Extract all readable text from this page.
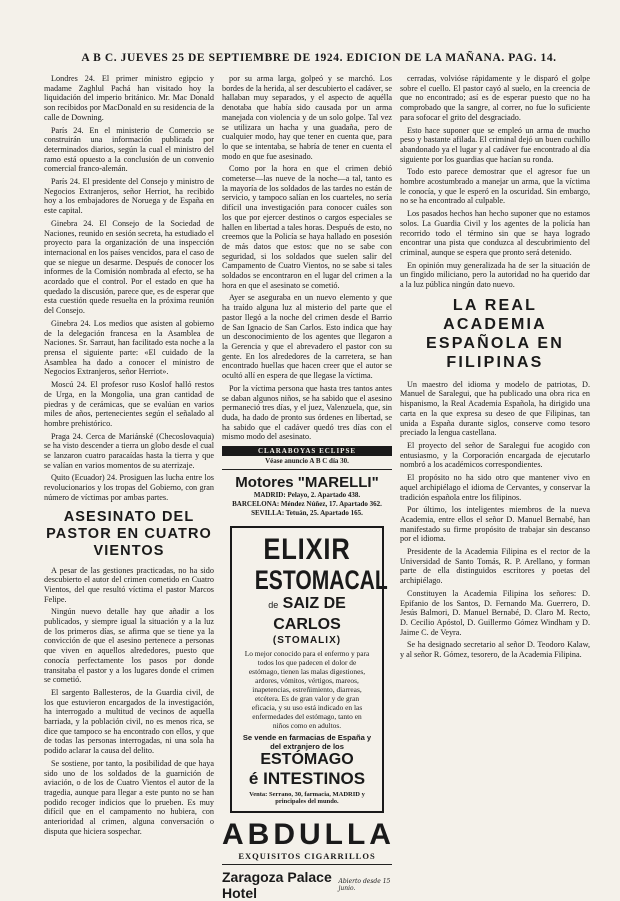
A B C. JUEVES 25 DE SEPTIEMBRE DE 1924. EDICION DE LA MAÑANA. PAG. 14.

Londres 24. El primer ministro egipcio y madame Zaghlul Pachá han visitado hoy la liquidación del imperio británico. Mr. Mac Donald son recibidos por MacDonald en su residencia de la calle de Downing.

París 24. En el ministerio de Comercio se construirán una información publicada por determinados diarios, según la cual el ministro del ramo está opuesto a la conclusión de un convenio comercial franco-alemán.

París 24. El presidente del Consejo y ministro de Negocios Extranjeros, señor Herriot, ha recibido hoy a los embajadores de Noruega y de España en este capital.

Ginebra 24. El Consejo de la Sociedad de Naciones, reunido en sesión secreta, ha estudiado el proyecto para la organización de una inspección internacional en los países vencidos, para el caso de que se niegue un desarme. Después de conocer los informes de la Comisión nombrada al efecto, se ha acordado que el control. Por el estado en que ha quedado la discusión, parece que, es de esperar que esta cuestión quede resuelta en la próxima reunión del Consejo.

Ginebra 24. Los medios que asisten al gobierno de la delegación francesa en la Asamblea de Naciones. Sr. Sarraut, han facilitado esta noche a la prensa el siguiente parte: «El cuidado de la Asamblea ha dado a conocer el ministro de Negocios Extranjeros, señor Herriot».

Moscú 24. El profesor ruso Koslof halló restos de Urga, en la Mongolia, una gran cantidad de piedras y de cerámicas, que se evalúan en varios miles de años, pertenecientes según el señalado al hombre prehistórico.

Praga 24. Cerca de Mariánské (Checoslovaquia) se ha visto descender a tierra un globo desde el cual se lanzaron cuatro paracaídas hasta la tierra y que se valían en varios momentos de su aterrizaje.

Quito (Ecuador) 24. Prosiguen las lucha entre los revolucionarios y los tropas del Gobierno, con gran número de víctimas por ambas partes.

ASESINATO DEL PASTOR EN CUATRO VIENTOS

A pesar de las gestiones practicadas, no ha sido descubierto el autor del crimen cometido en Cuatro Vientos, del que resultó víctima el pastor Marcos Felipe.

Ningún nuevo detalle hay que añadir a los publicados, y siempre igual la situación y a la luz de los primeros días, se afirma que se tiene ya la convicción de que el asesino pertenece a personas que viven en aquellos alrededores, puesto que conocía perfectamente los pasos por donde transitaba el pastor y a los lugares donde el crimen se cometió.

El sargento Ballesteros, de la Guardia civil, de los que estuvieron encargados de la investigación, ha interrogado a multitud de vecinos de aquella barriada, y la población civil, no es menos rica, se dice que tampoco se ha encontrado con ellos, y que de todas las personas interrogadas, ni una sola ha podido aclarar la causa del delito.

Se sostiene, por tanto, la posibilidad de que haya sido uno de los soldados de la guarnición de aviación, o de los de Cuatro Vientos el autor de la tragedia, aunque para llegar a este punto no se han podido recoger indicios que lo prueben. Es muy difícil que en el campamento no hubiera, con anterioridad al crimen, alguna conversación o disputa que hiciera sospechar.

por su arma larga, golpeó y se marchó. Los bordes de la herida, al ser descubierto el cadáver, se hallaban muy separados, y el aspecto de aquélla denotaba que había sido causada por un arma manejada con violencia y de un solo golpe. Tal vez se utilizara un hacha y una guadaña, pero de cualquier modo, hay que tener en cuenta que, para lo que se intentaba, se habría de tener en cuenta el modo en que fue asesinado.

Como por la hora en que el crimen debió cometerse—las nueve de la noche—a tal, tanto es la mayoría de los soldados de las tardes no están de servicio, y tampoco salían en los cuarteles, no sería difícil una investigación para conocer cuáles son los que por ejercer destinos o cargos especiales se hallen en libertad a tales horas. Después de esto, no creemos que la Policía se haya hallado en posesión de más datos que estos: que no se sabe con seguridad, si los soldados que suelen salir del Campamento de Cuatro Vientos, no se sabe si tales soldados se encontraron en el lugar del crimen a la hora en que el asesinato se cometió.

Ayer se aseguraba en un nuevo elemento y que ha traído alguna luz al misterio del parte que el pastor llegó a la noche del crimen desde el Barrio de San Ignacio de San Carlos. Esto indica que hay un desconocimiento de los agentes que llegaron a la Gerencia y que el abrevadero el pastor con su gente. En los alrededores de la carretera, se han encontrado huellas que hacen creer que el autor se ocultó allí en espera de que llegase la víctima.

Por la víctima persona que hasta tres tantos antes se daban algunos niños, se ha sabido que el asesino permaneció tres días, y el juez, Valenzuela, que, sin duda, ha dado de pronto sus órdenes en libertad, se ha sabido que el cadáver quedó tres días con el mismo modo del asesinato.

CLARABOYAS ECLIPSE
Véase anuncio A B C día 30.
Motores "MARELLI"
MADRID: Pelayo, 2. Apartado 438.
BARCELONA: Méndez Núñez, 17. Apartado 362.
SEVILLA: Tetuán, 25. Apartado 165.
ELIXIR
ESTOMACAL
de SAIZ DE CARLOS
(STOMALIX)
Lo mejor conocido para el enfermo y para todos los que padecen el dolor de estómago, tienen las malas digestiones, ardores, vómitos, vértigos, mareos, inapetencias, estreñimiento, diarreas, etcétera. Es de gran valor y de gran eficacia, y su uso está indicado en las enfermedades del estómago, tanto en niños como en adultos.
Se vende en farmacias de España y del extranjero de los
ESTÓMAGO
é INTESTINOS
Venta: Serrano, 30, farmacia, MADRID y principales del mundo.
ABDULLA
EXQUISITOS CIGARRILLOS
Zaragoza Palace Hotel
Abierto desde 15 junio.

cerradas, volvióse rápidamente y le disparó el golpe sobre el cuello. El pastor cayó al suelo, en la creencia de que no encontrado; así es de esperar puesto que no ha comprobado que la sangre, al correr, no fue lo suficiente para sofocar el grito del desgraciado.

Esto hace suponer que se empleó un arma de mucho peso y bastante afilada. El criminal dejó un buen cuchillo abandonado ya el lugar y al cadáver fue encontrado al día siguiente por los guardias que hacían su ronda.

Todo esto parece demostrar que el agresor fue un hombre acostumbrado a manejar un arma, que la víctima le conocía, y que le esperó en la oscuridad. Sin embargo, no se ha encontrado al culpable.

Los pasados hechos han hecho suponer que no estamos solos. La Guardia Civil y los agentes de la policía han recorrido todo el término sin que se haya logrado encontrar una pista que conduzca al descubrimiento del criminal, aunque se espera que pronto será detenido.

En opinión muy generalizada ha de ser la situación de un fingido miliciano, pero la autoridad no ha querido dar a la luz pública ningún dato nuevo.

LA REAL ACADEMIA ESPAÑOLA EN FILIPINAS

Un maestro del idioma y modelo de patriotas, D. Manuel de Saralegui, que ha publicado una obra rica en hispanismo, la Real Academia Española, ha dirigido una carta en la que expresa su deseo de que Filipinas, tan unida a España durante siglos, conserve como tesoro preciado la lengua castellana.

El proyecto del señor de Saralegui fue acogido con entusiasmo, y la Corporación encargada de ejecutarlo nombró a los académicos correspondientes.

El propósito no ha sido otro que mantener vivo en aquel archipiélago el idioma de Cervantes, y conservar la tradición española entre los filipinos.

Por último, los inteligentes miembros de la nueva Academia, entre ellos el señor D. Manuel Bernabé, han manifestado su firme propósito de trabajar sin descanso por el idioma.

Presidente de la Academia Filipina es el rector de la Universidad de Santo Tomás, R. P. Arellano, y forman parte de ella distinguidos escritores y poetas del archipiélago.

Constituyen la Academia Filipina los señores: D. Epifanio de los Santos, D. Fernando Ma. Guerrero, D. Jesús Balmori, D. Manuel Bernabé, D. Claro M. Recto, D. Cecilio Apóstol, D. Guillermo Gómez Windham y D. Jaime C. de Veyra.

Se ha designado secretario al señor D. Teodoro Kalaw, y al señor R. Gómez, tesorero, de la Academia Filipina.
